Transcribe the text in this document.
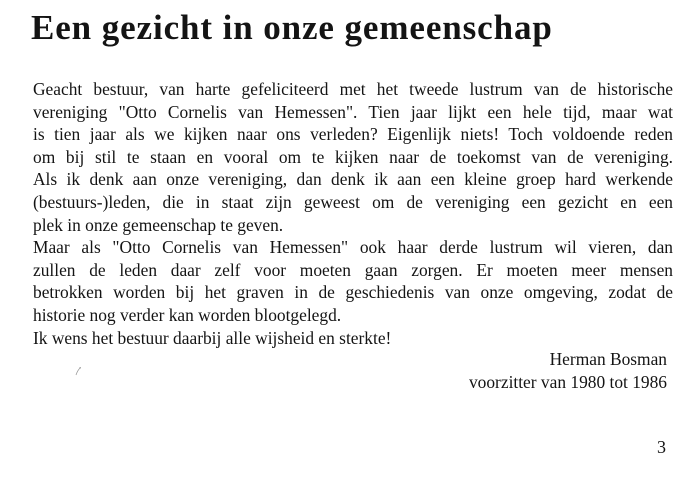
Een gezicht in onze gemeenschap
Geacht bestuur, van harte gefeliciteerd met het tweede lustrum van de historische
vereniging "Otto Cornelis van Hemessen". Tien jaar lijkt een hele tijd, maar wat
is tien jaar als we kijken naar ons verleden? Eigenlijk niets! Toch voldoende reden
om bij stil te staan en vooral om te kijken naar de toekomst van de vereniging.
Als ik denk aan onze vereniging, dan denk ik aan een kleine groep hard werkende
(bestuurs-)leden, die in staat zijn geweest om de vereniging een gezicht en een
plek in onze gemeenschap te geven.
Maar als "Otto Cornelis van Hemessen" ook haar derde lustrum wil vieren, dan
zullen de leden daar zelf voor moeten gaan zorgen. Er moeten meer mensen
betrokken worden bij het graven in de geschiedenis van onze omgeving, zodat de
historie nog verder kan worden blootgelegd.
Ik wens het bestuur daarbij alle wijsheid en sterkte!
Herman Bosman
voorzitter van 1980 tot 1986
3
